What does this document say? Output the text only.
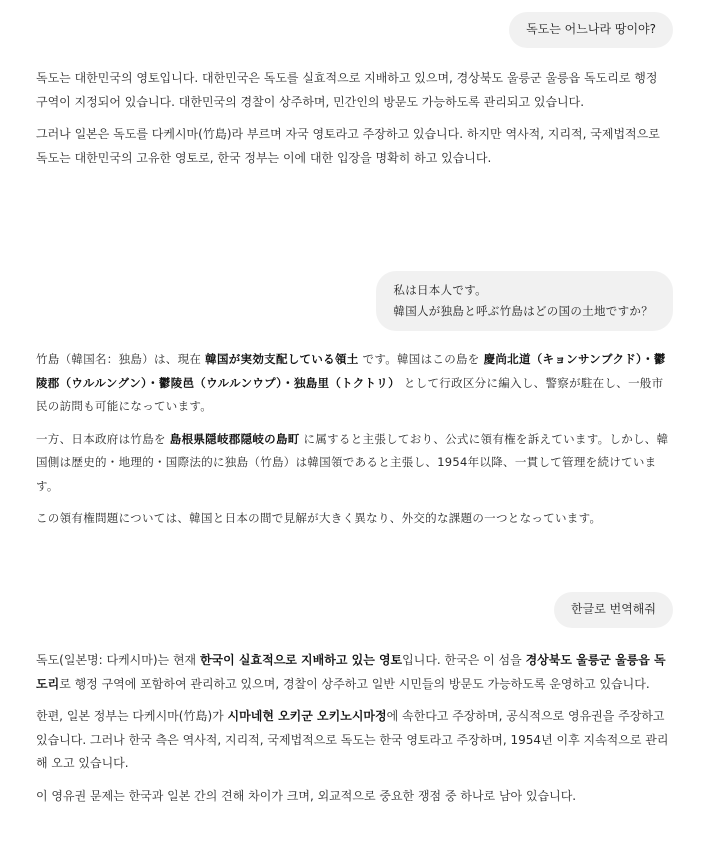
독도는 어느나라 땅이야?

독도는 대한민국의 영토입니다. 대한민국은 독도를 실효적으로 지배하고 있으며, 경상북도 울릉군 울릉읍 독도리로 행정 구역이 지정되어 있습니다. 대한민국의 경찰이 상주하며, 민간인의 방문도 가능하도록 관리되고 있습니다.

그러나 일본은 독도를 다케시마(竹島)라 부르며 자국 영토라고 주장하고 있습니다. 하지만 역사적, 지리적, 국제법적으로 독도는 대한민국의 고유한 영토로, 한국 정부는 이에 대한 입장을 명확히 하고 있습니다.

私は日本人です。
韓国人が独島と呼ぶ竹島はどの国の土地ですか？

竹島（韓国名：独島）は、現在 韓国が実効支配している領土 です。韓国はこの島を 慶尚北道（キョンサンブクド）・鬱陵郡（ウルルングン）・鬱陵邑（ウルルンウプ）・独島里（トクトリ） として行政区分に編入し、警察が駐在し、一般市民の訪問も可能になっています。

一方、日本政府は竹島を 島根県隠岐郡隠岐の島町 に属すると主張しており、公式に領有権を訴えています。しかし、韓国側は歴史的・地理的・国際法的に独島（竹島）は韓国領であると主張し、1954年以降、一貫して管理を続けています。

この領有権問題については、韓国と日本の間で見解が大きく異なり、外交的な課題の一つとなっています。

한글로 번역해줘

독도(일본명: 다케시마)는 현재 한국이 실효적으로 지배하고 있는 영토입니다. 한국은 이 섬을 경상북도 울릉군 울릉읍 독도리로 행정 구역에 포함하여 관리하고 있으며, 경찰이 상주하고 일반 시민들의 방문도 가능하도록 운영하고 있습니다.

한편, 일본 정부는 다케시마(竹島)가 시마네현 오키군 오키노시마정에 속한다고 주장하며, 공식적으로 영유권을 주장하고 있습니다. 그러나 한국 측은 역사적, 지리적, 국제법적으로 독도는 한국 영토라고 주장하며, 1954년 이후 지속적으로 관리해 오고 있습니다.

이 영유권 문제는 한국과 일본 간의 견해 차이가 크며, 외교적으로 중요한 쟁점 중 하나로 남아 있습니다.
